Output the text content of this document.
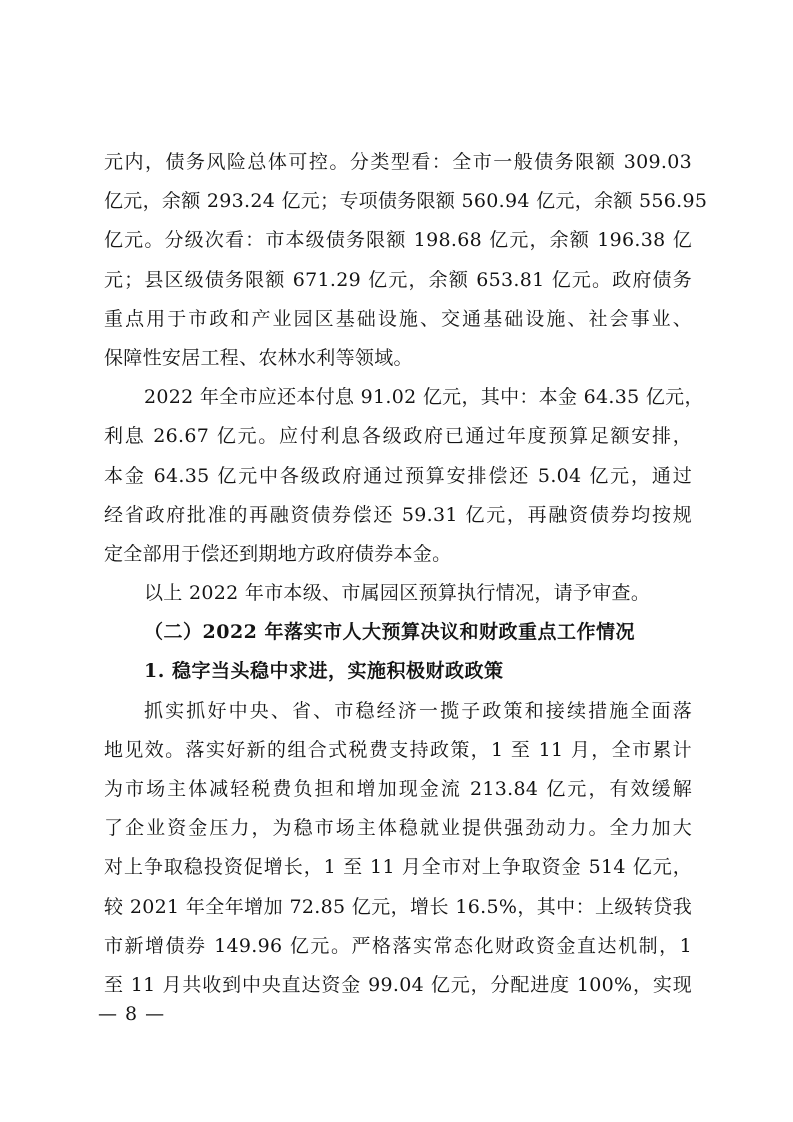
元内，债务风险总体可控。分类型看：全市一般债务限额 309.03
亿元，余额 293.24 亿元；专项债务限额 560.94 亿元，余额 556.95
亿元。分级次看：市本级债务限额 198.68 亿元，余额 196.38 亿
元；县区级债务限额 671.29 亿元，余额 653.81 亿元。政府债务
重点用于市政和产业园区基础设施、交通基础设施、社会事业、
保障性安居工程、农林水利等领域。
2022 年全市应还本付息 91.02 亿元，其中：本金 64.35 亿元，
利息 26.67 亿元。应付利息各级政府已通过年度预算足额安排，
本金 64.35 亿元中各级政府通过预算安排偿还 5.04 亿元，通过
经省政府批准的再融资债券偿还 59.31 亿元，再融资债券均按规
定全部用于偿还到期地方政府债券本金。
以上 2022 年市本级、市属园区预算执行情况，请予审查。
（二）2022 年落实市人大预算决议和财政重点工作情况
1. 稳字当头稳中求进，实施积极财政政策
抓实抓好中央、省、市稳经济一揽子政策和接续措施全面落
地见效。落实好新的组合式税费支持政策，1 至 11 月，全市累计
为市场主体减轻税费负担和增加现金流 213.84 亿元，有效缓解
了企业资金压力，为稳市场主体稳就业提供强劲动力。全力加大
对上争取稳投资促增长，1 至 11 月全市对上争取资金 514 亿元，
较 2021 年全年增加 72.85 亿元，增长 16.5%，其中：上级转贷我
市新增债券 149.96 亿元。严格落实常态化财政资金直达机制，1
至 11 月共收到中央直达资金 99.04 亿元，分配进度 100%，实现
— 8 —
